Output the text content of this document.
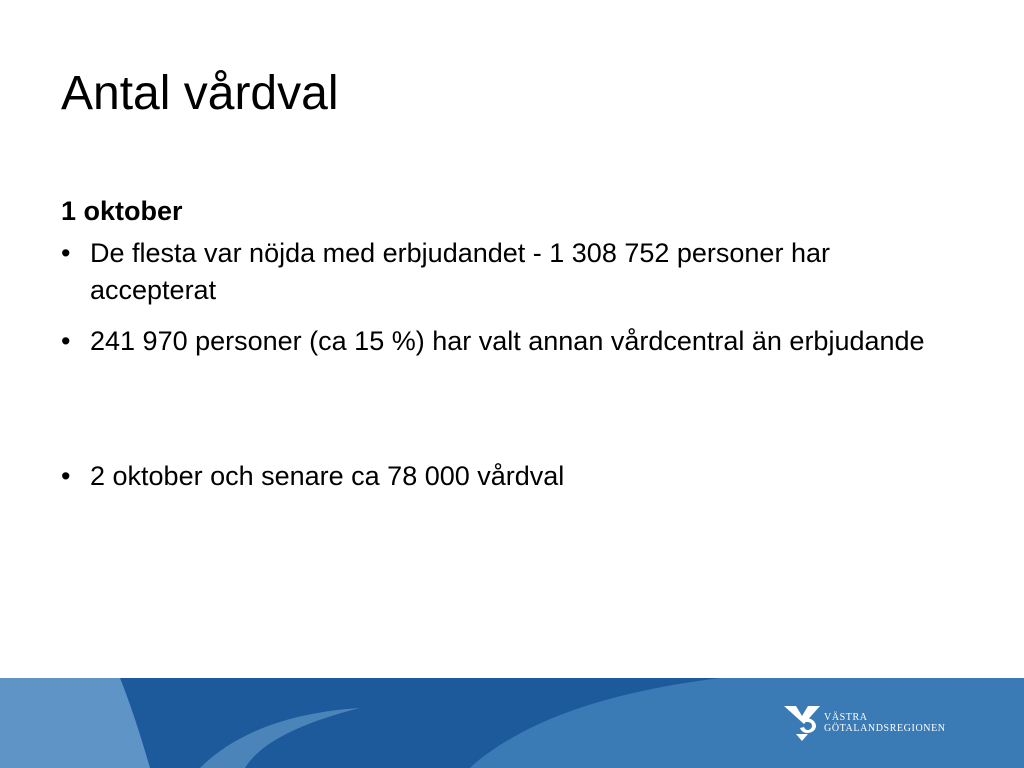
Antal vårdval
1 oktober
• De flesta var nöjda med erbjudandet - 1 308 752 personer har accepterat
• 241 970 personer (ca 15 %) har valt annan vårdcentral än erbjudande
• 2 oktober och senare ca 78 000 vårdval
VÄSTRA
GÖTALANDSREGIONEN
